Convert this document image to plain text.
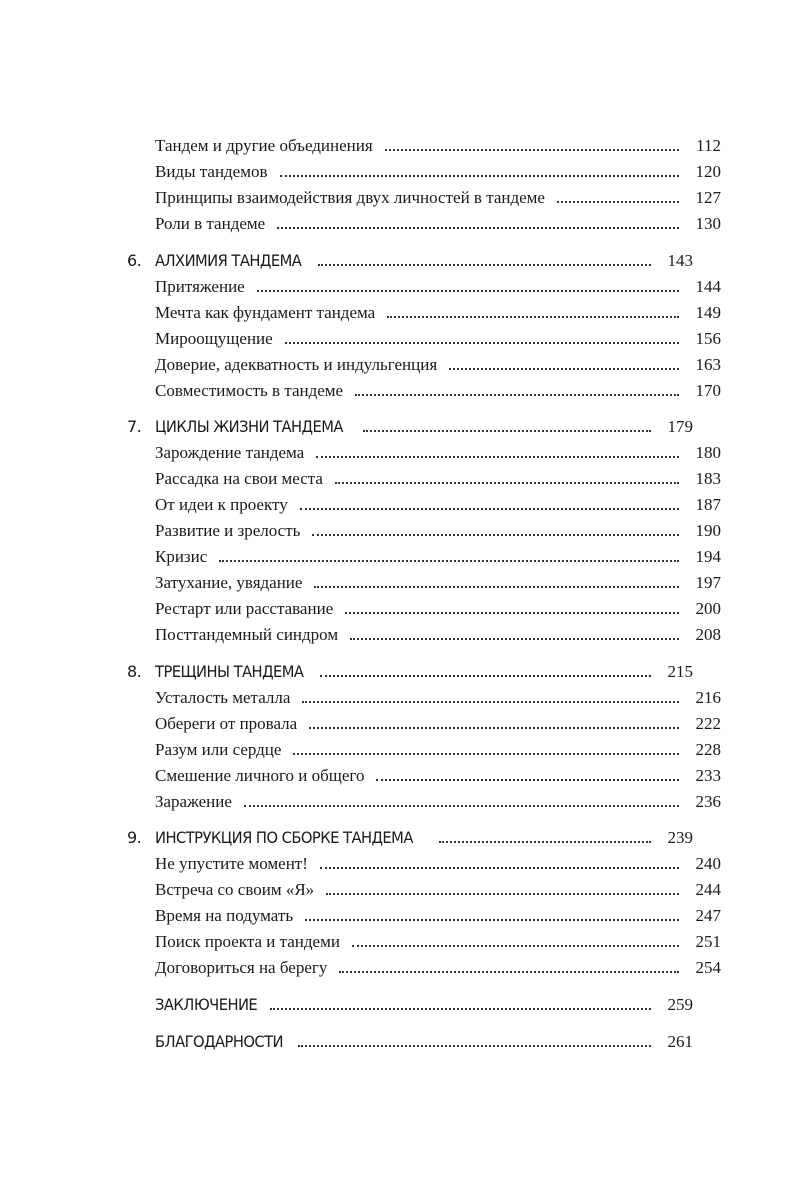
Тандем и другие объединения	112
Виды тандемов	120
Принципы взаимодействия двух личностей в тандеме	127
Роли в тандеме	130
6. АЛХИМИЯ ТАНДЕМА	143
Притяжение	144
Мечта как фундамент тандема	149
Мироощущение	156
Доверие, адекватность и индульгенция	163
Совместимость в тандеме	170
7. ЦИКЛЫ ЖИЗНИ ТАНДЕМА	179
Зарождение тандема	180
Рассадка на свои места	183
От идеи к проекту	187
Развитие и зрелость	190
Кризис	194
Затухание, увядание	197
Рестарт или расставание	200
Посттандемный синдром	208
8. ТРЕЩИНЫ ТАНДЕМА	215
Усталость металла	216
Обереги от провала	222
Разум или сердце	228
Смешение личного и общего	233
Заражение	236
9. ИНСТРУКЦИЯ ПО СБОРКЕ ТАНДЕМА	239
Не упустите момент!	240
Встреча со своим «Я»	244
Время на подумать	247
Поиск проекта и тандеми	251
Договориться на берегу	254
ЗАКЛЮЧЕНИЕ	259
БЛАГОДАРНОСТИ	261
